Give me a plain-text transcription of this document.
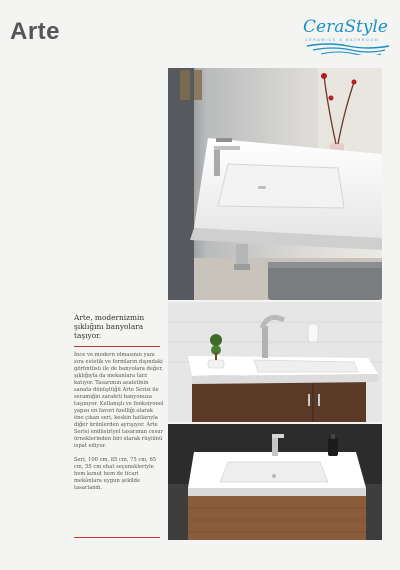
Arte	CeraStyle
CERAMICS & BATHROOM
Arte, modernizmin şıklığını banyolara taşıyor.

İnce ve modern olmasının yanı sıra estetik ve formların dışındaki görüntüsü ile de banyolara değer, şıklığıyla da mekanlara tarz katıyor. Tasarımın asaletinin sanata dönüştüğü Arte Serisi ile seramiğin zarafeti banyonuza taşınıyor. Kullanışlı ve fonksiyonel yapısı en favori özelliği olarak öne çıkan seri, keskin hatlarıyla diğer ürünlerden ayrışıyor. Arte Serisi endüstriyel tasarımın cesur örneklerinden biri olarak rüştünü ispat ediyor.

Seri, 100 cm, 85 cm, 75 cm, 65 cm, 55 cm ebat seçenekleriyle hem konut hem de ticari mekânlara uygun şekilde tasarlandı.
